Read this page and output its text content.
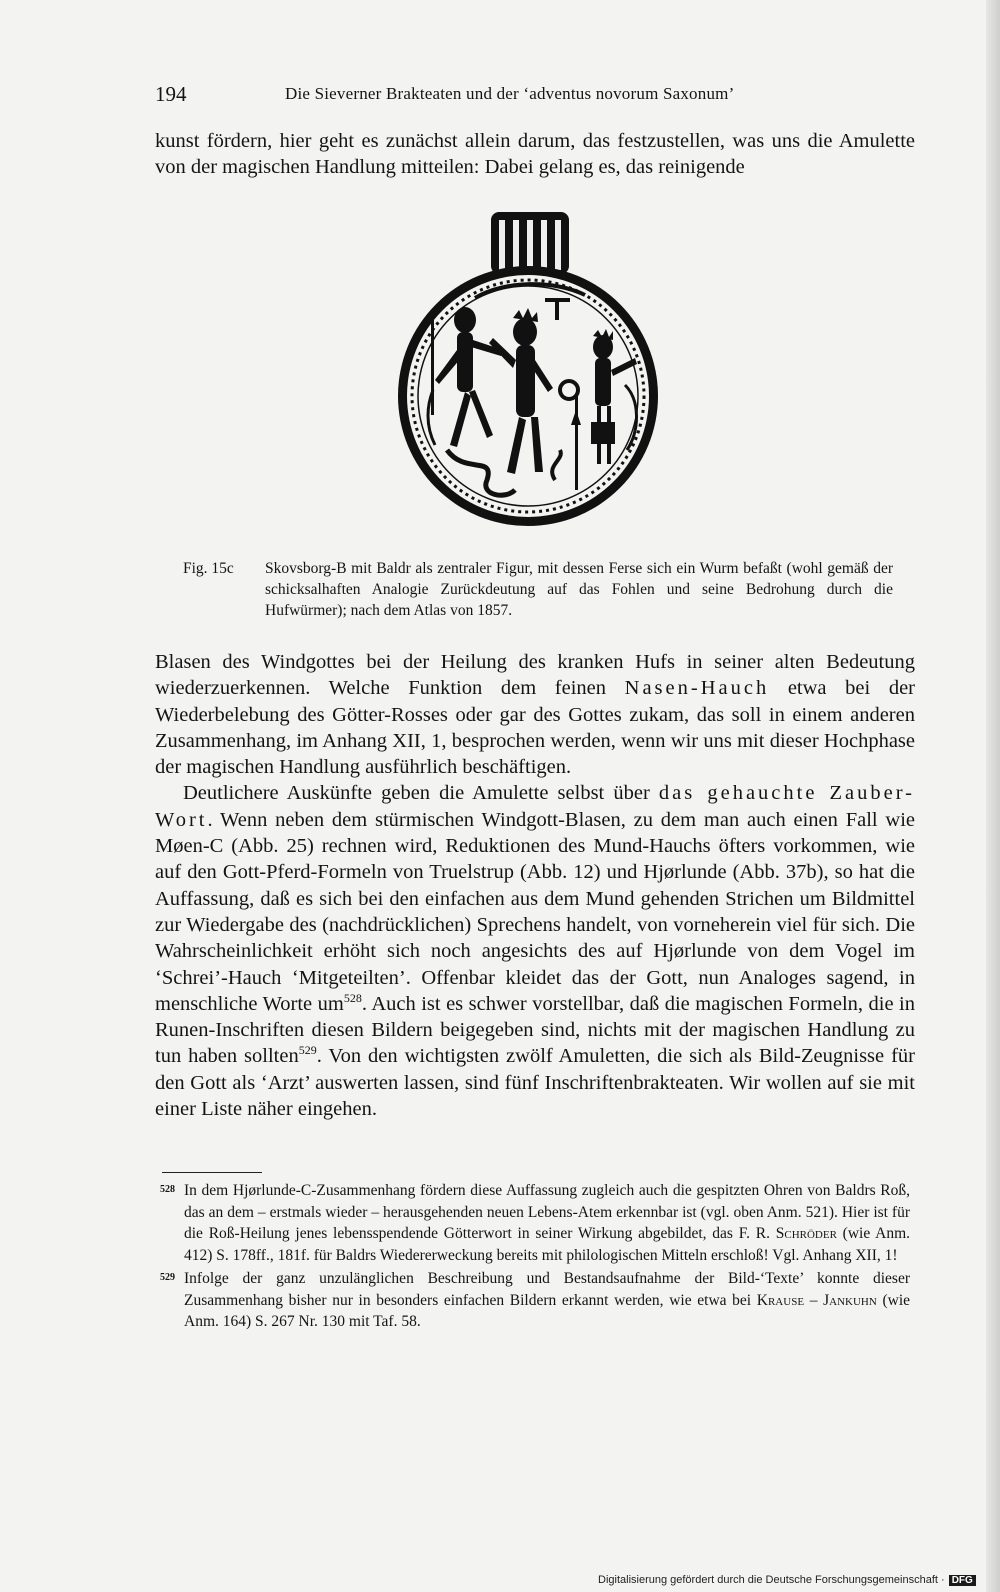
194	Die Sieverner Brakteaten und der ‘adventus novorum Saxonum’

kunst fördern, hier geht es zunächst allein darum, das festzustellen, was uns die Amulette von der magischen Handlung mitteilen: Dabei gelang es, das reinigende

Fig. 15c Skovsborg-B mit Baldr als zentraler Figur, mit dessen Ferse sich ein Wurm befaßt (wohl gemäß der schicksalhaften Analogie Zurückdeutung auf das Fohlen und seine Bedrohung durch die Hufwürmer); nach dem Atlas von 1857.

Blasen des Windgottes bei der Heilung des kranken Hufs in seiner alten Bedeutung wiederzuerkennen. Welche Funktion dem feinen Nasen-Hauch etwa bei der Wiederbelebung des Götter-Rosses oder gar des Gottes zukam, das soll in einem anderen Zusammenhang, im Anhang XII, 1, besprochen werden, wenn wir uns mit dieser Hochphase der magischen Handlung ausführlich beschäftigen.

Deutlichere Auskünfte geben die Amulette selbst über das gehauchte Zauber-Wort. Wenn neben dem stürmischen Windgott-Blasen, zu dem man auch einen Fall wie Møen-C (Abb. 25) rechnen wird, Reduktionen des Mund-Hauchs öfters vorkommen, wie auf den Gott-Pferd-Formeln von Truelstrup (Abb. 12) und Hjørlunde (Abb. 37b), so hat die Auffassung, daß es sich bei den einfachen aus dem Mund gehenden Strichen um Bildmittel zur Wiedergabe des (nachdrücklichen) Sprechens handelt, von vorneherein viel für sich. Die Wahrscheinlichkeit erhöht sich noch angesichts des auf Hjørlunde von dem Vogel im ‘Schrei’-Hauch ‘Mitgeteilten’. Offenbar kleidet das der Gott, nun Analoges sagend, in menschliche Worte $um^{528}$. Auch ist es schwer vorstellbar, daß die magischen Formeln, die in Runen-Inschriften diesen Bildern beigegeben sind, nichts mit der magischen Handlung zu tun haben sollten$^{529}$. Von den wichtigsten zwölf Amuletten, die sich als Bild-Zeugnisse für den Gott als ‘Arzt’ auswerten lassen, sind fünf Inschriftenbrakteaten. Wir wollen auf sie mit einer Liste näher eingehen.

528 In dem Hjørlunde-C-Zusammenhang fördern diese Auffassung zugleich auch die gespitzten Ohren von Baldrs Roß, das an dem – erstmals wieder – herausgehenden neuen Lebens-Atem erkennbar ist (vgl. oben Anm. 521). Hier ist für die Roß-Heilung jenes lebensspendende Götterwort in seiner Wirkung abgebildet, das F. R. Schröder (wie Anm. 412) S. 178ff., 181f. für Baldrs Wiedererweckung bereits mit philologischen Mitteln erschloß! Vgl. Anhang XII, 1!
529 Infolge der ganz unzulänglichen Beschreibung und Bestandsaufnahme der Bild-‘Texte’ konnte dieser Zusammenhang bisher nur in besonders einfachen Bildern erkannt werden, wie etwa bei Krause – Jankuhn (wie Anm. 164) S. 267 Nr. 130 mit Taf. 58.
Digitalisierung gefördert durch die Deutsche Forschungsgemeinschaft · DFG
